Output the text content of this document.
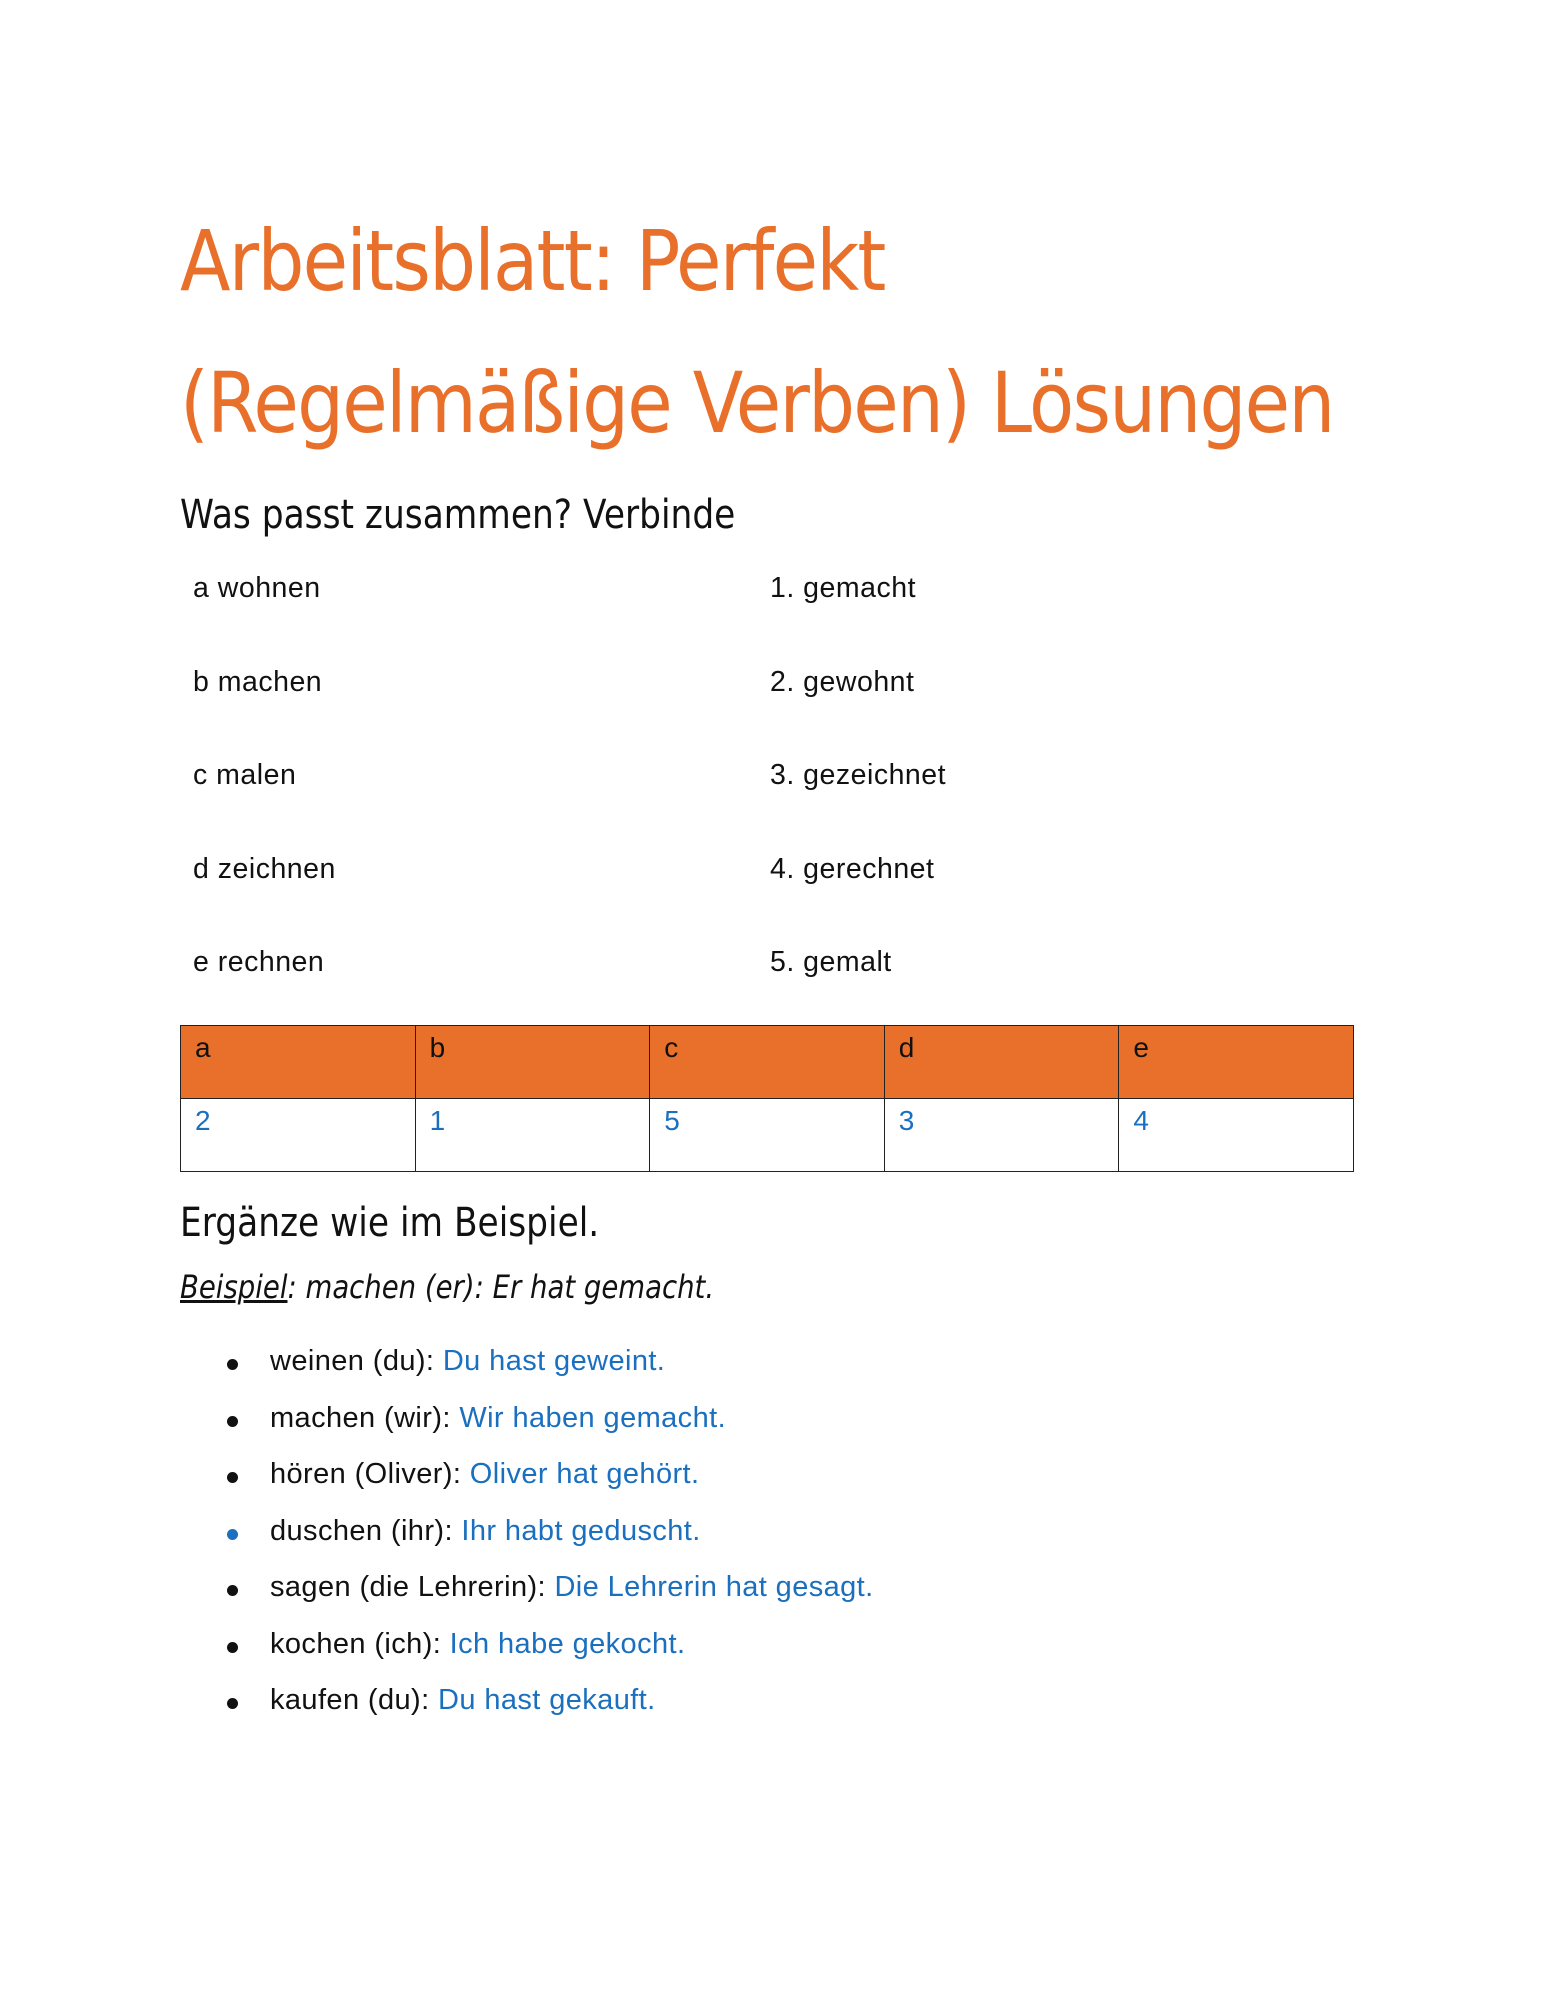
Arbeitsblatt: Perfekt
(Regelmäßige Verben) Lösungen
Was passt zusammen? Verbinde
a wohnen	1. gemacht
b machen	2. gewohnt
c malen	3. gezeichnet
d zeichnen	4. gerechnet
e rechnen	5. gemalt
a	b	c	d	e
2	1	5	3	4
Ergänze wie im Beispiel.
Beispiel: machen (er): Er hat gemacht.
weinen (du): Du hast geweint.
machen (wir): Wir haben gemacht.
hören (Oliver): Oliver hat gehört.
duschen (ihr): Ihr habt geduscht.
sagen (die Lehrerin): Die Lehrerin hat gesagt.
kochen (ich): Ich habe gekocht.
kaufen (du): Du hast gekauft.
